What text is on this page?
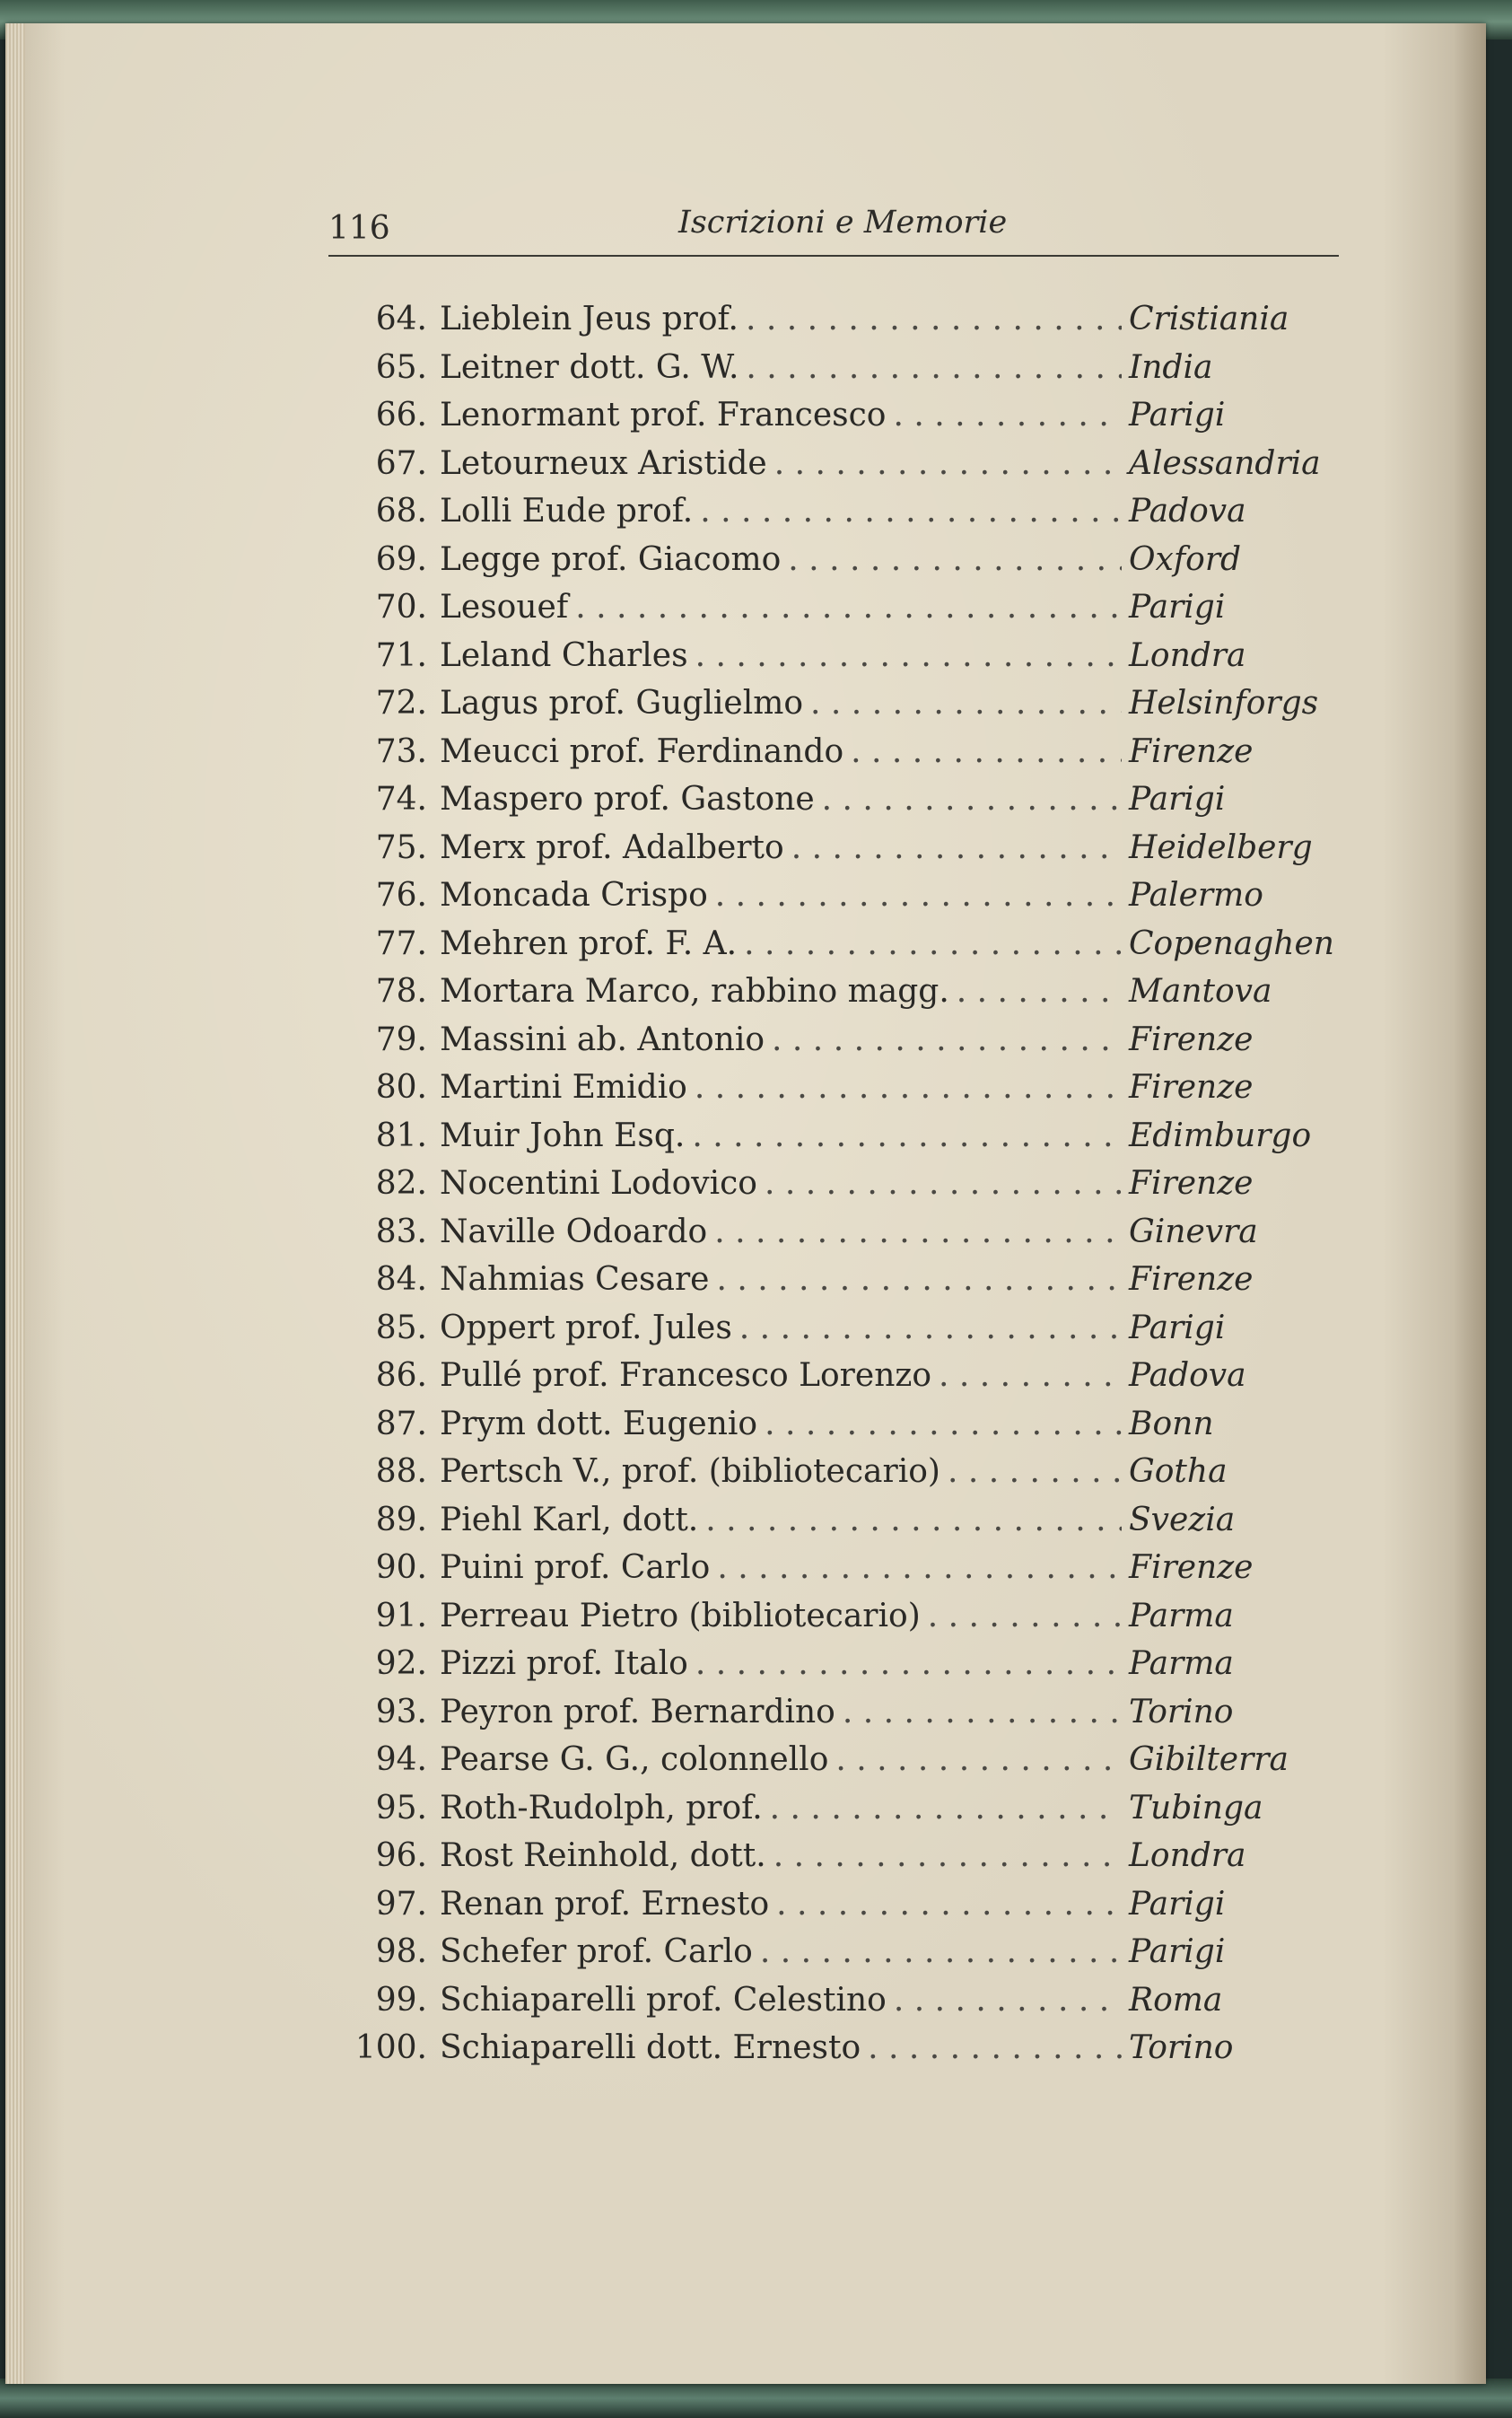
116	Iscrizioni e Memorie
64. Lieblein Jeus prof. . . .	Cristiania
65. Leitner dott. G. W. . . .	India
66. Lenormant prof. Francesco . . .	Parigi
67. Letourneux Aristide . . .	Alessandria
68. Lolli Eude prof. . . .	Padova
69. Legge prof. Giacomo . . .	Oxford
70. Lesouef . . .	Parigi
71. Leland Charles . . .	Londra
72. Lagus prof. Guglielmo . . .	Helsinforgs
73. Meucci prof. Ferdinando . . .	Firenze
74. Maspero prof. Gastone . . .	Parigi
75. Merx prof. Adalberto . . .	Heidelberg
76. Moncada Crispo . . .	Palermo
77. Mehren prof. F. A. . . .	Copenaghen
78. Mortara Marco, rabbino magg. . . .	Mantova
79. Massini ab. Antonio . . .	Firenze
80. Martini Emidio . . .	Firenze
81. Muir John Esq. . . .	Edimburgo
82. Nocentini Lodovico . . .	Firenze
83. Naville Odoardo . . .	Ginevra
84. Nahmias Cesare . . .	Firenze
85. Oppert prof. Jules . . .	Parigi
86. Pullé prof. Francesco Lorenzo . . .	Padova
87. Prym dott. Eugenio . . .	Bonn
88. Pertsch V., prof. (bibliotecario) . . .	Gotha
89. Piehl Karl, dott. . . .	Svezia
90. Puini prof. Carlo . . .	Firenze
91. Perreau Pietro (bibliotecario) . . .	Parma
92. Pizzi prof. Italo . . .	Parma
93. Peyron prof. Bernardino . . .	Torino
94. Pearse G. G., colonnello . . .	Gibilterra
95. Roth-Rudolph, prof. . . .	Tubinga
96. Rost Reinhold, dott. . . .	Londra
97. Renan prof. Ernesto . . .	Parigi
98. Schefer prof. Carlo . . .	Parigi
99. Schiaparelli prof. Celestino . . .	Roma
100. Schiaparelli dott. Ernesto . . .	Torino
